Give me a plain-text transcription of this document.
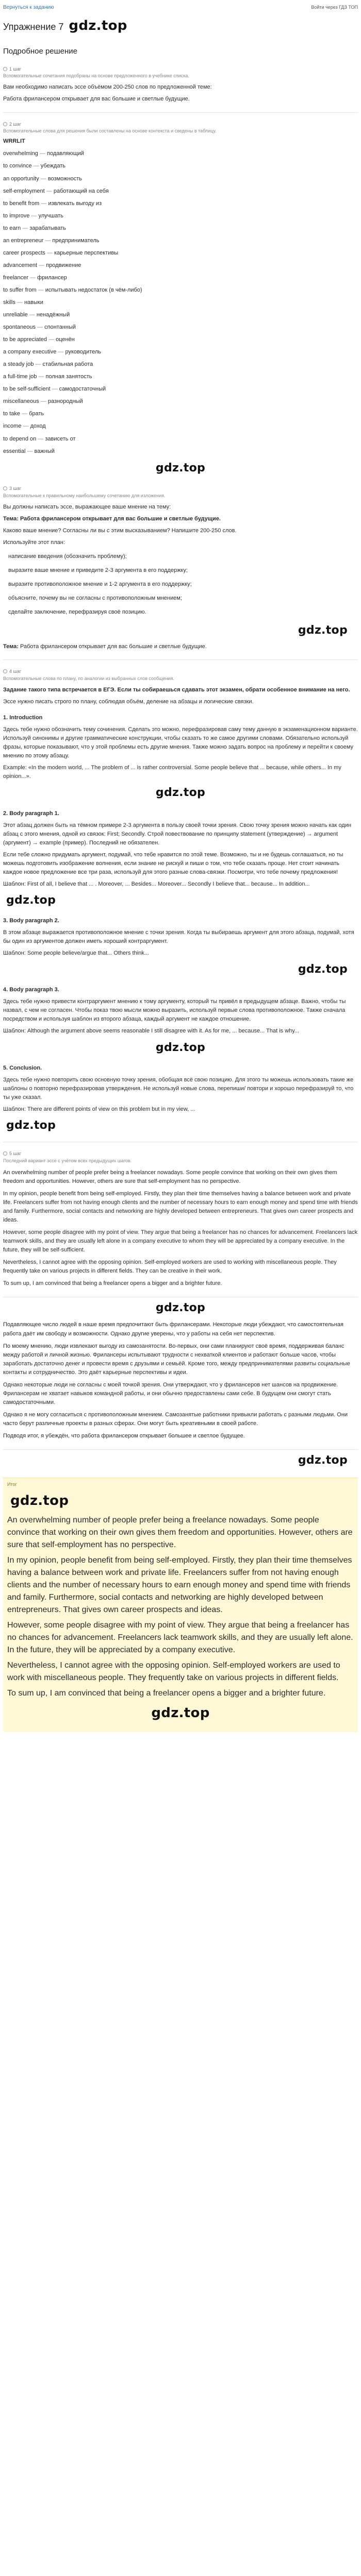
Вернуться к заданию	Войти через ГДЗ ТОП
Упражнение 7 gdz.top
Подробное решение
1 шаг
Вспомогательные сочетания подобраны на основе предложенного в учебнике списка.

Вам необходимо написать эссе объёмом 200-250 слов по предложенной теме:

Работа фрилансером открывает для вас большие и светлые будущие.

2 шаг
Вспомогательные слова для решения были составлены на основе контекста и сведены в таблицу.
WRRLIT
overwhelming — подавляющий
to convince — убеждать
an opportunity — возможность
self-employment — работающий на себя
to benefit from — извлекать выгоду из
to improve — улучшать
to earn — зарабатывать
an entrepreneur — предприниматель
career prospects — карьерные перспективы
advancement — продвижение
freelancer — фрилансер
to suffer from — испытывать недостаток (в чём-либо)
skills — навыки
unreliable — ненадёжный
spontaneous — спонтанный
to be appreciated — оценён
a company executive — руководитель
a steady job — стабильная работа
a full-time job — полная занятость
to be self-sufficient — самодостаточный
miscellaneous — разнородный
to take — брать
income — доход
to depend on — зависеть от
essential — важный
gdz.top
3 шаг
Вспомогательные к правильному наибольшему сочетанию для изложения.

Вы должны написать эссе, выражающее ваше мнение на тему:

Тема: Работа фрилансером открывает для вас большие и светлые будущие.

Каково ваше мнение? Согласны ли вы с этим высказыванием? Напишите 200-250 слов.

Используйте этот план:

написание введения (обозначить проблему);
выразите ваше мнение и приведите 2-3 аргумента в его поддержку;
выразите противоположное мнение и 1-2 аргумента в его поддержку;
объясните, почему вы не согласны с противоположным мнением;
сделайте заключение, перефразируя своё позицию.
gdz.top

Тема: Работа фрилансером открывает для вас большие и светлые будущие.

4 шаг
Вспомогательные слова по плану, по аналогии из выбранных слов сообщения.

Задание такого типа встречается в ЕГЭ. Если ты собираешься сдавать этот экзамен, обрати особенное внимание на него.

Эссе нужно писать строго по плану, соблюдая объём, деление на абзацы и логические связки.

1. Introduction

Здесь тебе нужно обозначить тему сочинения. Сделать это можно, перефразировав саму тему данную в экзаменационном варианте. Используй синонимы и другие грамматические конструкции, чтобы сказать то же самое другими словами. Обязательно используй фразы, которые показывают, что у этой проблемы есть другие мнения. Также можно задать вопрос на проблему и перейти к своему мнению по этому абзацу.

Example: «In the modern world, ... The problem of ... is rather controversial. Some people believe that ... because, while others... In my opinion...».

gdz.top
2. Body paragraph 1.

Этот абзац должен быть на тёмном примере 2-3 аргумента в пользу своей точки зрения. Свою точку зрения можно начать как один абзац с этого мнения, одной из связок: First; Secondly. Строй повествование по принципу statement (утверждение) → argument (аргумент) → example (пример). Последний не обязателен.

Если тебе сложно придумать аргумент, подумай, что тебе нравится по этой теме. Возможно, ты и не будешь соглашаться, но ты можешь подготовить изображение волнения, если знание не рискуй и пиши о том, что тебе сказать проще. Нет стоит начинать каждое новое предложение все три раза, используй для этого разные слова-связки. Посмотри, что тебе почему предложения!

Шаблон: First of all, I believe that ... . Moreover, ... Besides... Moreover... Secondly I believe that... because... In addition...

gdz.top
3. Body paragraph 2.

В этом абзаце выражается противоположное мнение с точки зрения. Когда ты выбираешь аргумент для этого абзаца, подумай, хотя бы один из аргументов должен иметь хороший контраргумент.

Шаблон: Some people believe/argue that... Others think...

gdz.top
4. Body paragraph 3.

Здесь тебе нужно привести контраргумент мнению к тому аргументу, который ты привёл в предыдущем абзаце. Важно, чтобы ты назвал, с чем не согласен. Чтобы показ твою мысли можно выразить, используй первые слова противоположное. Также сначала посредством и используя шаблон из второго абзаца, каждый аргумент не каждое отношение.

Шаблон: Although the argument above seems reasonable I still disagree with it. As for me, ... because... That is why...

gdz.top
5. Conclusion.

Здесь тебе нужно повторить свою основную точку зрения, обобщая всё свою позицию. Для этого ты можешь использовать такие же шаблоны о повторно перефразировав утверждения. Не используй новые слова, перепиши/ повтори и хорошо перефразируй то, что ты уже сказал.

Шаблон: There are different points of view on this problem but in my view, ...

gdz.top
5 шаг
Последний вариант эссе с учётом всех предыдущих шагов.

An overwhelming number of people prefer being a freelancer nowadays. Some people convince that working on their own gives them freedom and opportunities. However, others are sure that self-employment has no perspective.

In my opinion, people benefit from being self-employed. Firstly, they plan their time themselves having a balance between work and private life. Freelancers suffer from not having enough clients and the number of necessary hours to earn enough money and spend time with friends and family. Furthermore, social contacts and networking are highly developed between entrepreneurs. That gives own career prospects and ideas.

However, some people disagree with my point of view. They argue that being a freelancer has no chances for advancement. Freelancers lack teamwork skills, and they are usually left alone in a company executive to whom they will be appreciated by a company executive. In the future, they will be self-sufficient.

Nevertheless, I cannot agree with the opposing opinion. Self-employed workers are used to working with miscellaneous people. They frequently take on various projects in different fields. They can be creative in their work.

To sum up, I am convinced that being a freelancer opens a bigger and a brighter future.

gdz.top

Подавляющее число людей в наше время предпочитают быть фрилансерами. Некоторые люди убеждают, что самостоятельная работа даёт им свободу и возможности. Однако другие уверены, что у работы на себя нет перспектив.

По моему мнению, люди извлекают выгоду из самозанятости. Во-первых, они сами планируют своё время, поддерживая баланс между работой и личной жизнью. Фрилансеры испытывают трудности с нехваткой клиентов и работают больше часов, чтобы заработать достаточно денег и провести время с друзьями и семьёй. Кроме того, между предпринимателями развиты социальные контакты и сотрудничество. Это даёт карьерные перспективы и идеи.

Однако некоторые люди не согласны с моей точкой зрения. Они утверждают, что у фрилансеров нет шансов на продвижение. Фрилансерам не хватает навыков командной работы, и они обычно предоставлены сами себе. В будущем они смогут стать самодостаточными.

Однако я не могу согласиться с противоположным мнением. Самозанятые работники привыкли работать с разными людьми. Они часто берут различные проекты в разных сферах. Они могут быть креативными в своей работе.

Подводя итог, я убеждён, что работа фрилансером открывает большее и светлое будущее.

gdz.top
Итог
gdz.top

An overwhelming number of people prefer being a freelance nowadays. Some people convince that working on their own gives them freedom and opportunities. However, others are sure that self-employment has no perspective.

In my opinion, people benefit from being self-employed. Firstly, they plan their time themselves having a balance between work and private life. Freelancers suffer from not having enough clients and the number of necessary hours to earn enough money and spend time with friends and family. Furthermore, social contacts and networking are highly developed between entrepreneurs. That gives own career prospects and ideas.

However, some people disagree with my point of view. They argue that being a freelancer has no chances for advancement. Freelancers lack teamwork skills, and they are usually left alone. In the future, they will be appreciated by a company executive.

Nevertheless, I cannot agree with the opposing opinion. Self-employed workers are used to work with miscellaneous people. They frequently take on various projects in different fields.

To sum up, I am convinced that being a freelancer opens a bigger and a brighter future.

gdz.top
